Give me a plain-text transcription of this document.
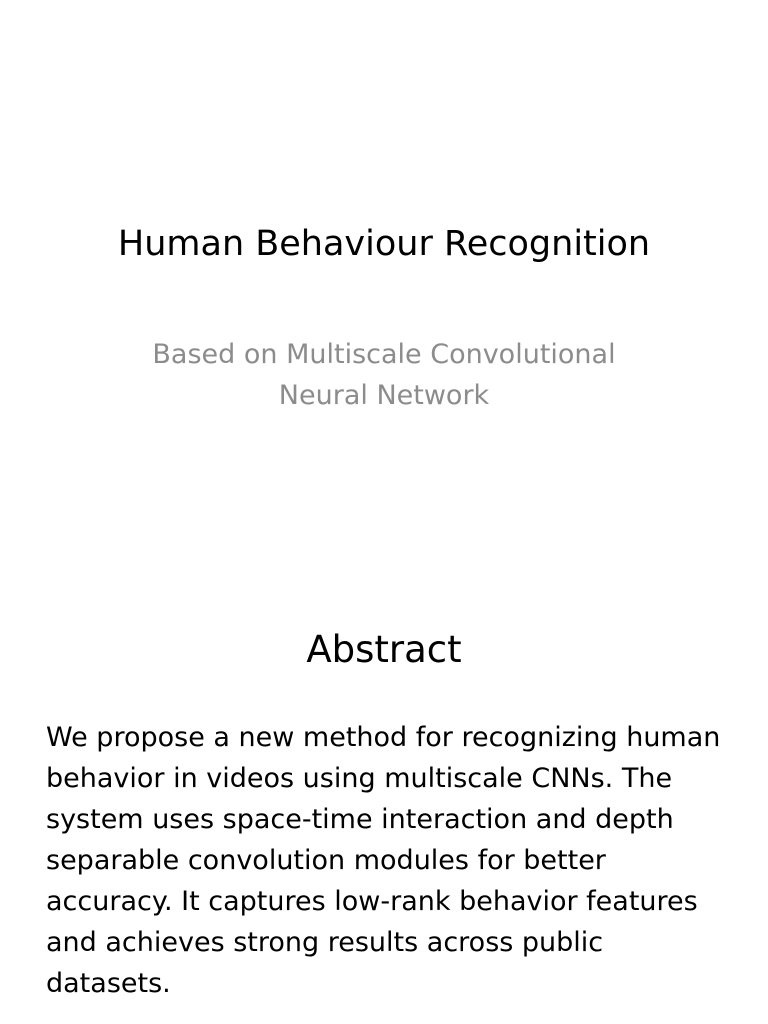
Human Behaviour Recognition

Based on Multiscale Convolutional Neural Network

Abstract

We propose a new method for recognizing human behavior in videos using multiscale CNNs. The system uses space-time interaction and depth separable convolution modules for better accuracy. It captures low-rank behavior features and achieves strong results across public datasets.
